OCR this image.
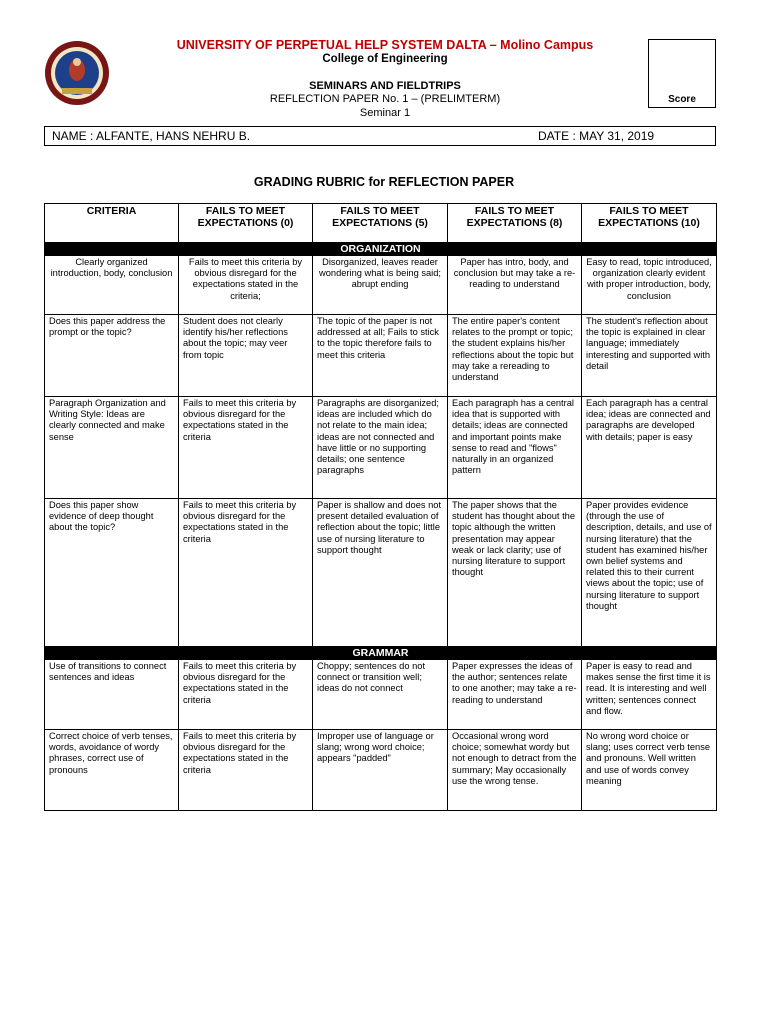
UNIVERSITY OF PERPETUAL HELP SYSTEM DALTA – Molino Campus
College of Engineering
SEMINARS AND FIELDTRIPS
REFLECTION PAPER No. 1 – (PRELIMTERM)
Seminar 1
Score
NAME : ALFANTE, HANS NEHRU B.	DATE : MAY 31, 2019
GRADING RUBRIC for REFLECTION PAPER
CRITERIA	FAILS TO MEET EXPECTATIONS (0)	FAILS TO MEET EXPECTATIONS (5)	FAILS TO MEET EXPECTATIONS (8)	FAILS TO MEET EXPECTATIONS (10)
ORGANIZATION				
Clearly organized introduction, body, conclusion	Fails to meet this criteria by obvious disregard for the expectations stated in the criteria;	Disorganized, leaves reader wondering what is being said; abrupt ending	Paper has intro, body, and conclusion but may take a re-reading to understand	Easy to read, topic introduced, organization clearly evident with proper introduction, body, conclusion
Does this paper address the prompt or the topic?	Student does not clearly identify his/her reflections about the topic; may veer from topic	The topic of the paper is not addressed at all; Fails to stick to the topic therefore fails to meet this criteria	The entire paper's content relates to the prompt or topic; the student explains his/her reflections about the topic but may take a rereading to understand	The student's reflection about the topic is explained in clear language; immediately interesting and supported with detail
Paragraph Organization and Writing Style: Ideas are clearly connected and make sense	Fails to meet this criteria by obvious disregard for the expectations stated in the criteria	Paragraphs are disorganized; ideas are included which do not relate to the main idea; ideas are not connected and have little or no supporting details; one sentence paragraphs	Each paragraph has a central idea that is supported with details; ideas are connected and important points make sense to read and "flows" naturally in an organized pattern	Each paragraph has a central idea; ideas are connected and paragraphs are developed with details; paper is easy
Does this paper show evidence of deep thought about the topic?	Fails to meet this criteria by obvious disregard for the expectations stated in the criteria	Paper is shallow and does not present detailed evaluation of reflection about the topic; little use of nursing literature to support thought	The paper shows that the student has thought about the topic although the written presentation may appear weak or lack clarity; use of nursing literature to support thought	Paper provides evidence (through the use of description, details, and use of nursing literature) that the student has examined his/her own belief systems and related this to their current views about the topic; use of nursing literature to support thought
GRAMMAR				
Use of transitions to connect sentences and ideas	Fails to meet this criteria by obvious disregard for the expectations stated in the criteria	Choppy; sentences do not connect or transition well; ideas do not connect	Paper expresses the ideas of the author; sentences relate to one another; may take a re-reading to understand	Paper is easy to read and makes sense the first time it is read. It is interesting and well written; sentences connect and flow.
Correct choice of verb tenses, words, avoidance of wordy phrases, correct use of pronouns	Fails to meet this criteria by obvious disregard for the expectations stated in the criteria	Improper use of language or slang; wrong word choice; appears "padded"	Occasional wrong word choice; somewhat wordy but not enough to detract from the summary; May occasionally use the wrong tense.	No wrong word choice or slang; uses correct verb tense and pronouns. Well written and use of words convey meaning
